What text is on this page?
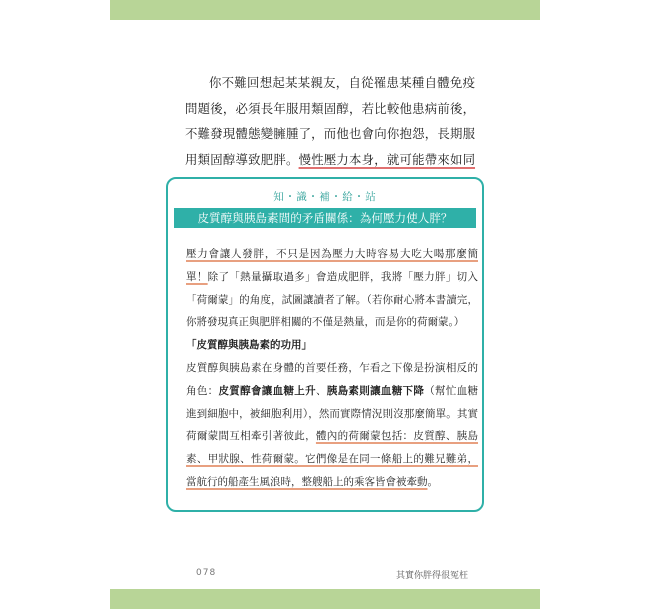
你不難回想起某某親友，自從罹患某種自體免疫問題後，必須長年服用類固醇，若比較他患病前後，不難發現體態變臃腫了，而他也會向你抱怨，長期服用類固醇導致肥胖。慢性壓力本身，就可能帶來如同

知・識・補・給・站
皮質醇與胰島素間的矛盾關係：為何壓力使人胖？

壓力會讓人發胖，不只是因為壓力大時容易大吃大喝那麼簡單！除了「熱量攝取過多」會造成肥胖，我將「壓力胖」切入「荷爾蒙」的角度，試圖讓讀者了解。（若你耐心將本書讀完，你將發現真正與肥胖相關的不僅是熱量，而是你的荷爾蒙。）

「皮質醇與胰島素的功用」

皮質醇與胰島素在身體的首要任務，乍看之下像是扮演相反的角色：皮質醇會讓血糖上升、胰島素則讓血糖下降（幫忙血糖進到細胞中，被細胞利用），然而實際情況則沒那麼簡單。其實荷爾蒙間互相牽引著彼此，體內的荷爾蒙包括：皮質醇、胰島素、甲狀腺、性荷爾蒙。它們像是在同一條船上的難兄難弟，當航行的船產生風浪時，整艘船上的乘客皆會被牽動。

078	其實你胖得很冤枉
